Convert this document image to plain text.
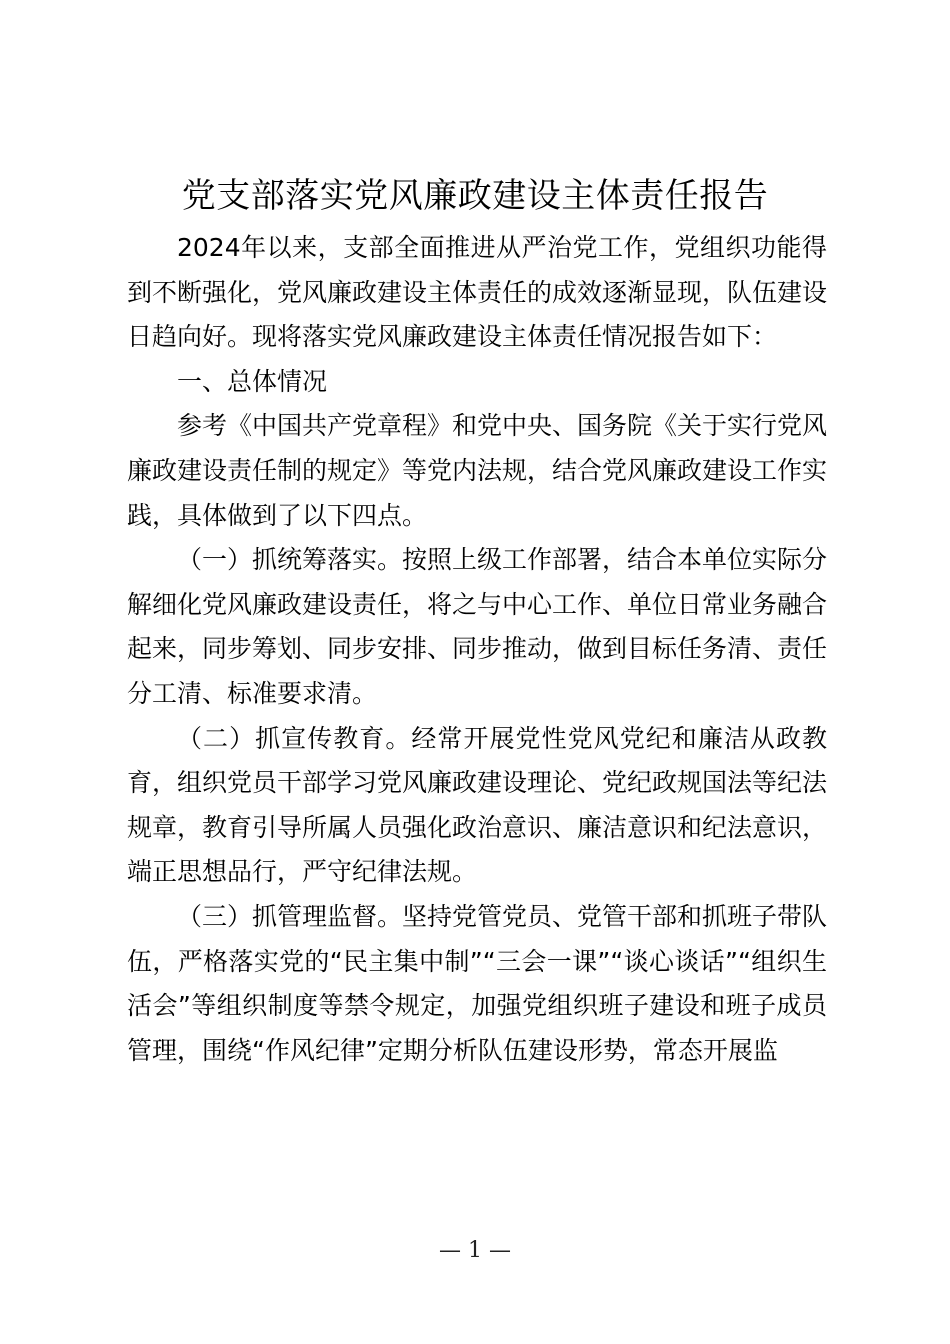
党支部落实党风廉政建设主体责任报告

2024年以来，支部全面推进从严治党工作，党组织功能得到不断强化，党风廉政建设主体责任的成效逐渐显现，队伍建设日趋向好。现将落实党风廉政建设主体责任情况报告如下：

一、总体情况

参考《中国共产党章程》和党中央、国务院《关于实行党风廉政建设责任制的规定》等党内法规，结合党风廉政建设工作实践，具体做到了以下四点。

（一）抓统筹落实。按照上级工作部署，结合本单位实际分解细化党风廉政建设责任，将之与中心工作、单位日常业务融合起来，同步筹划、同步安排、同步推动，做到目标任务清、责任分工清、标准要求清。

（二）抓宣传教育。经常开展党性党风党纪和廉洁从政教育，组织党员干部学习党风廉政建设理论、党纪政规国法等纪法规章，教育引导所属人员强化政治意识、廉洁意识和纪法意识，端正思想品行，严守纪律法规。

（三）抓管理监督。坚持党管党员、党管干部和抓班子带队伍，严格落实党的“民主集中制”“三会一课”“谈心谈话”“组织生活会”等组织制度等禁令规定，加强党组织班子建设和班子成员管理，围绕“作风纪律”定期分析队伍建设形势，常态开展监

— 1 —
